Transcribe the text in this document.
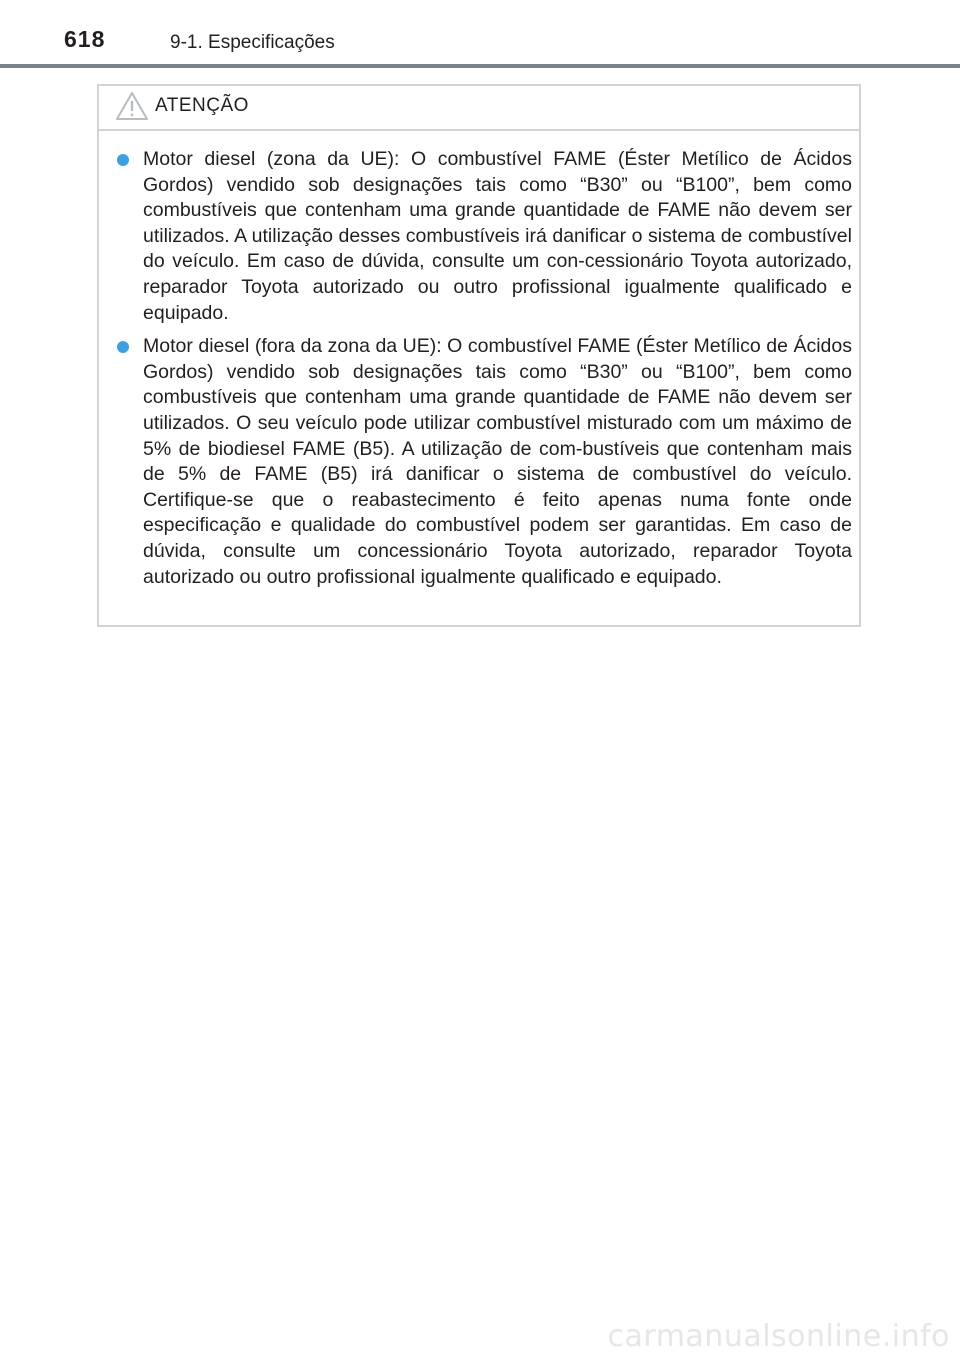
618	9-1. Especificações
ATENÇÃO
Motor diesel (zona da UE): O combustível FAME (Éster Metílico de Ácidos Gordos) vendido sob designações tais como “B30” ou “B100”, bem como combustíveis que contenham uma grande quantidade de FAME não devem ser utilizados. A utilização desses combustíveis irá danificar o sistema de combustível do veículo. Em caso de dúvida, consulte um con-cessionário Toyota autorizado, reparador Toyota autorizado ou outro profissional igualmente qualificado e equipado.
Motor diesel (fora da zona da UE): O combustível FAME (Éster Metílico de Ácidos Gordos) vendido sob designações tais como “B30” ou “B100”, bem como combustíveis que contenham uma grande quantidade de FAME não devem ser utilizados. O seu veículo pode utilizar combustível misturado com um máximo de 5% de biodiesel FAME (B5). A utilização de com-bustíveis que contenham mais de 5% de FAME (B5) irá danificar o sistema de combustível do veículo. Certifique-se que o reabastecimento é feito apenas numa fonte onde especificação e qualidade do combustível podem ser garantidas. Em caso de dúvida, consulte um concessionário Toyota autorizado, reparador Toyota autorizado ou outro profissional igualmente qualificado e equipado.
carmanualsonline.info
